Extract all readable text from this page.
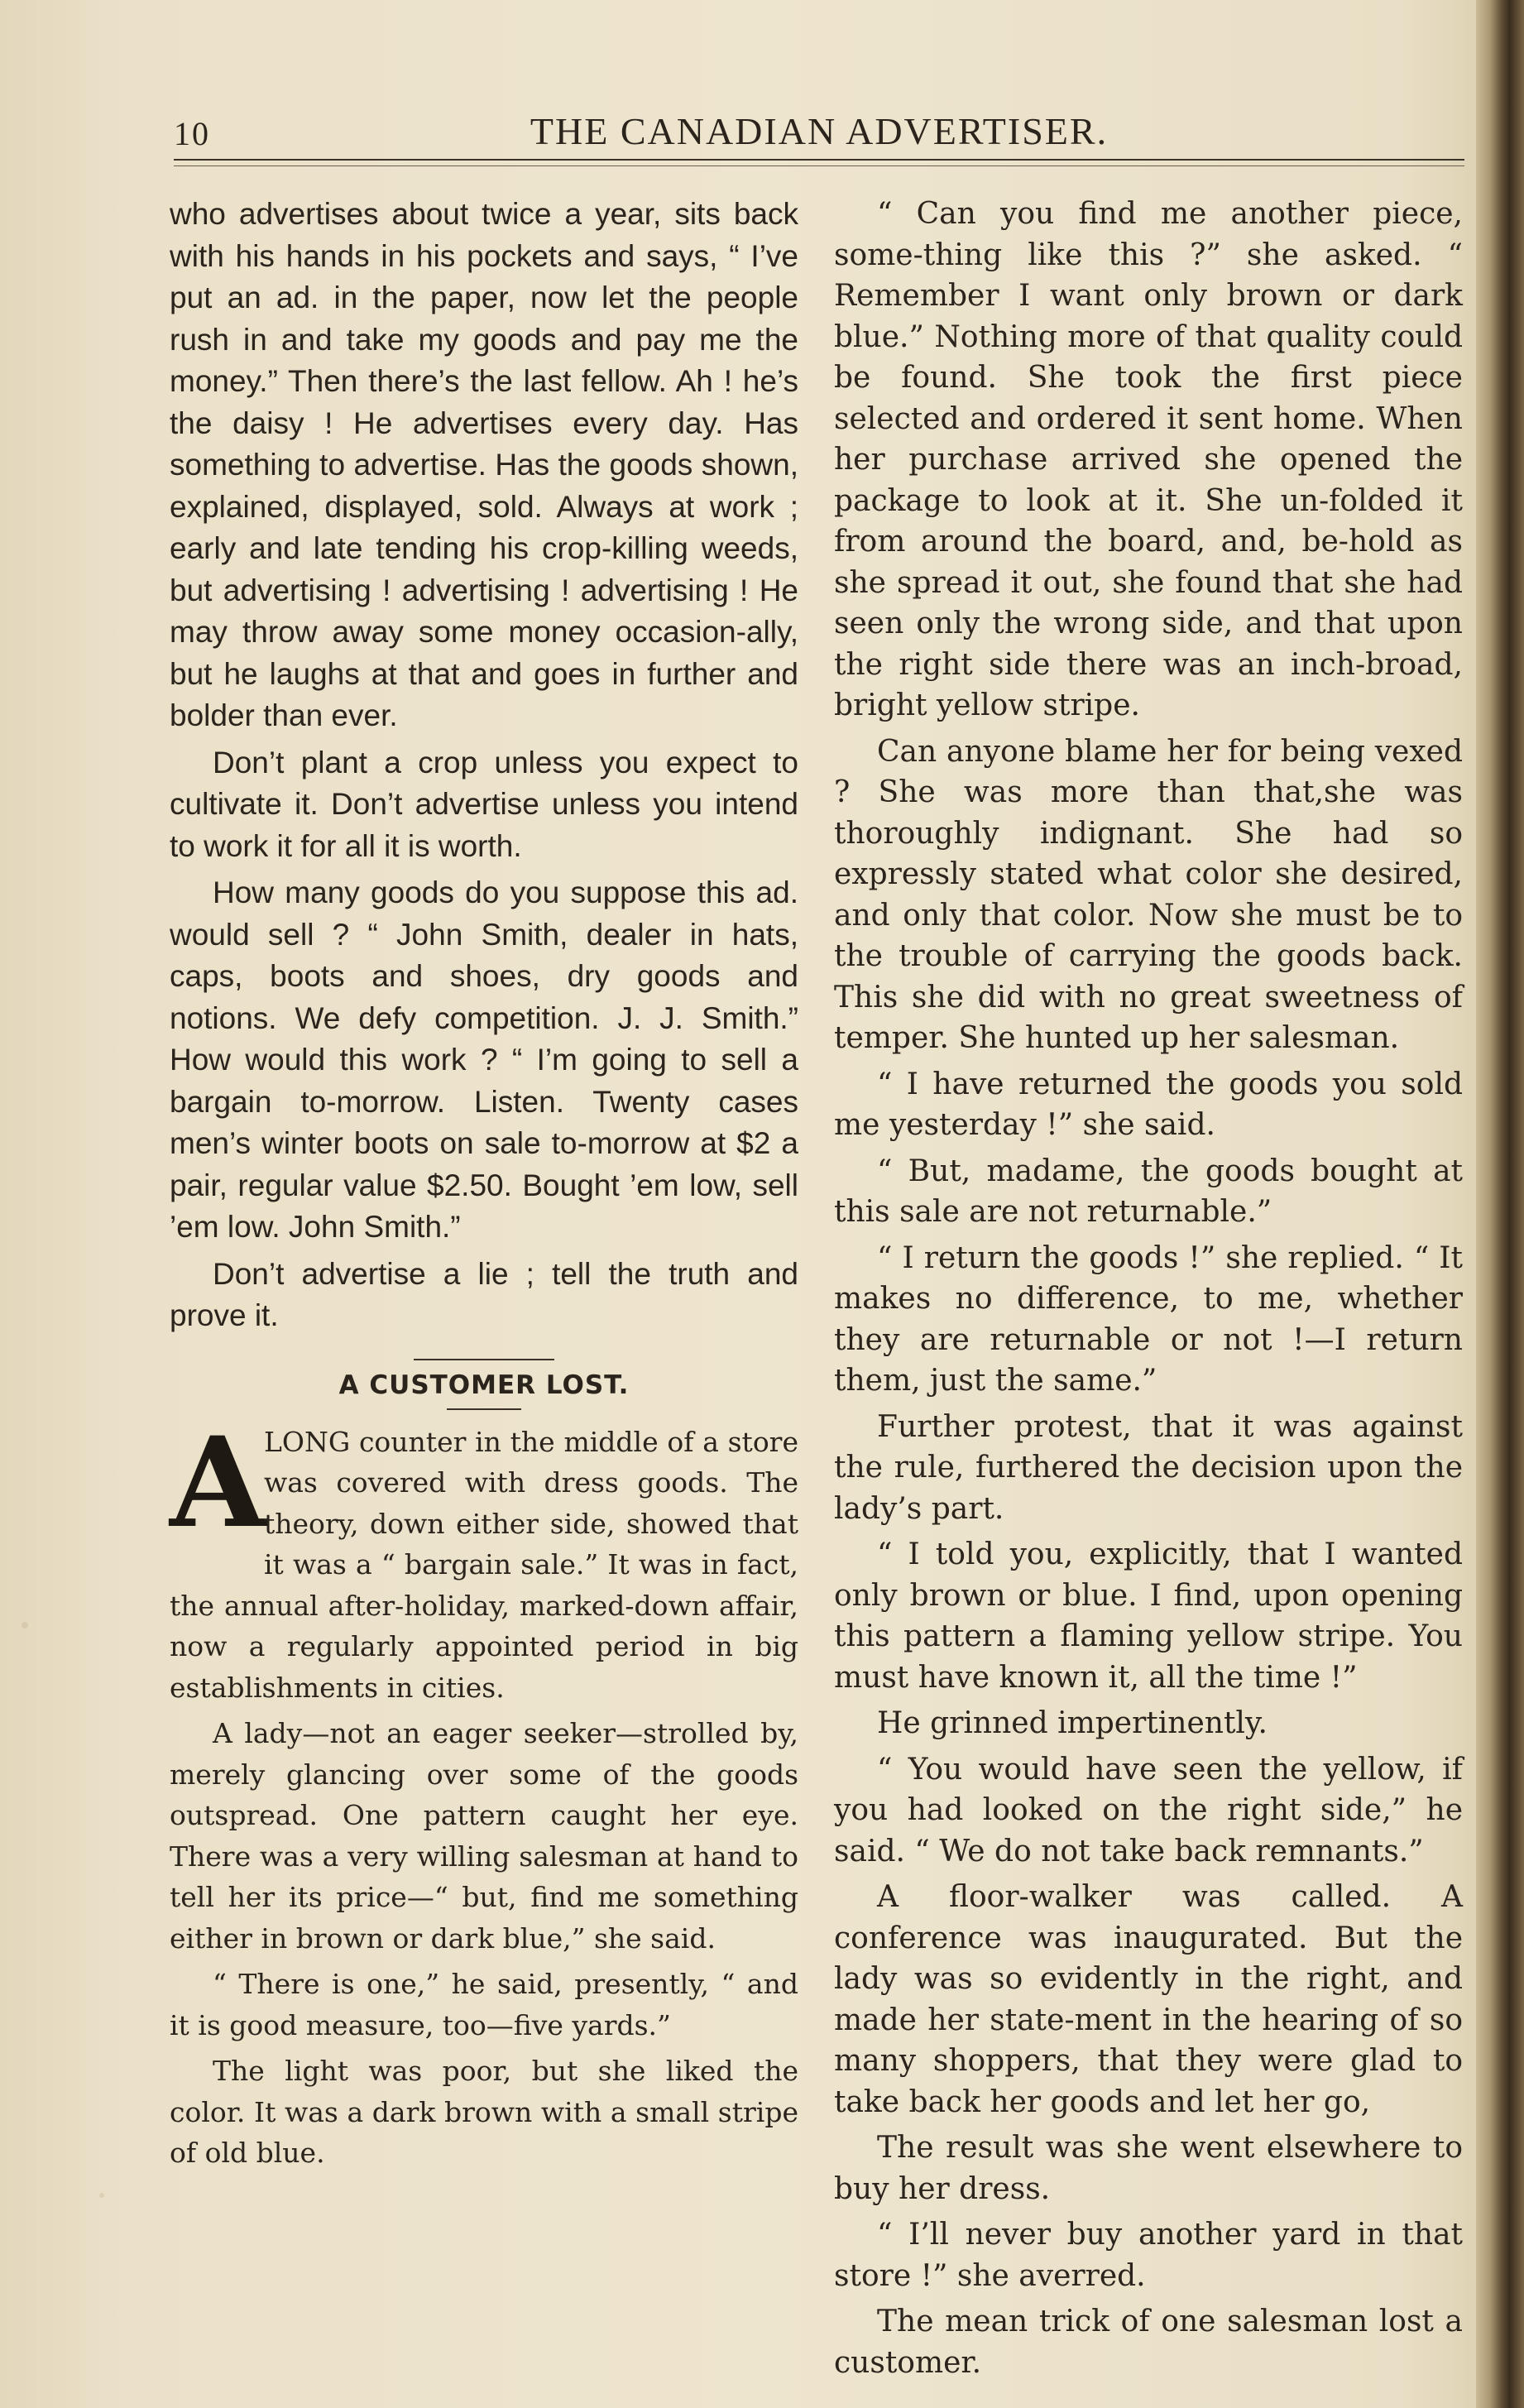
10	THE CANADIAN ADVERTISER.

who advertises about twice a year, sits back with his hands in his pockets and says, “ I’ve put an ad. in the paper, now let the people rush in and take my goods and pay me the money.” Then there’s the last fellow. Ah ! he’s the daisy ! He advertises every day. Has something to advertise. Has the goods shown, explained, displayed, sold. Always at work ; early and late tending his crop-killing weeds, but advertising ! advertising ! advertising ! He may throw away some money occasion-ally, but he laughs at that and goes in further and bolder than ever.

Don’t plant a crop unless you expect to cultivate it. Don’t advertise unless you intend to work it for all it is worth.

How many goods do you suppose this ad. would sell ? “ John Smith, dealer in hats, caps, boots and shoes, dry goods and notions. We defy competition. J. J. Smith.” How would this work ? “ I’m going to sell a bargain to-morrow. Listen. Twenty cases men’s winter boots on sale to-morrow at $2 a pair, regular value $2.50. Bought ’em low, sell ’em low. John Smith.”

Don’t advertise a lie ; tell the truth and prove it.

A CUSTOMER LOST.

A
LONG counter in the middle of a store was covered with dress goods. The theory, down either side, showed that it was a “ bargain sale.” It was in fact, the annual after-holiday, marked-down affair, now a regularly appointed period in big establishments in cities.

A lady—not an eager seeker—strolled by, merely glancing over some of the goods outspread. One pattern caught her eye. There was a very willing salesman at hand to tell her its price—“ but, find me something either in brown or dark blue,” she said.

“ There is one,” he said, presently, “ and it is good measure, too—five yards.”

The light was poor, but she liked the color. It was a dark brown with a small stripe of old blue.

“ Can you find me another piece, some-thing like this ?” she asked. “ Remember I want only brown or dark blue.” Nothing more of that quality could be found. She took the first piece selected and ordered it sent home. When her purchase arrived she opened the package to look at it. She un-folded it from around the board, and, be-hold as she spread it out, she found that she had seen only the wrong side, and that upon the right side there was an inch-broad, bright yellow stripe.

Can anyone blame her for being vexed ? She was more than that,she was thoroughly indignant. She had so expressly stated what color she desired, and only that color. Now she must be to the trouble of carrying the goods back. This she did with no great sweetness of temper. She hunted up her salesman.

“ I have returned the goods you sold me yesterday !” she said.

“ But, madame, the goods bought at this sale are not returnable.”

“ I return the goods !” she replied. “ It makes no difference, to me, whether they are returnable or not !—I return them, just the same.”

Further protest, that it was against the rule, furthered the decision upon the lady’s part.

“ I told you, explicitly, that I wanted only brown or blue. I find, upon opening this pattern a flaming yellow stripe. You must have known it, all the time !”

He grinned impertinently.

“ You would have seen the yellow, if you had looked on the right side,” he said. “ We do not take back remnants.”

A floor-walker was called. A conference was inaugurated. But the lady was so evidently in the right, and made her state-ment in the hearing of so many shoppers, that they were glad to take back her goods and let her go,

The result was she went elsewhere to buy her dress.

“ I’ll never buy another yard in that store !” she averred.

The mean trick of one salesman lost a customer.
